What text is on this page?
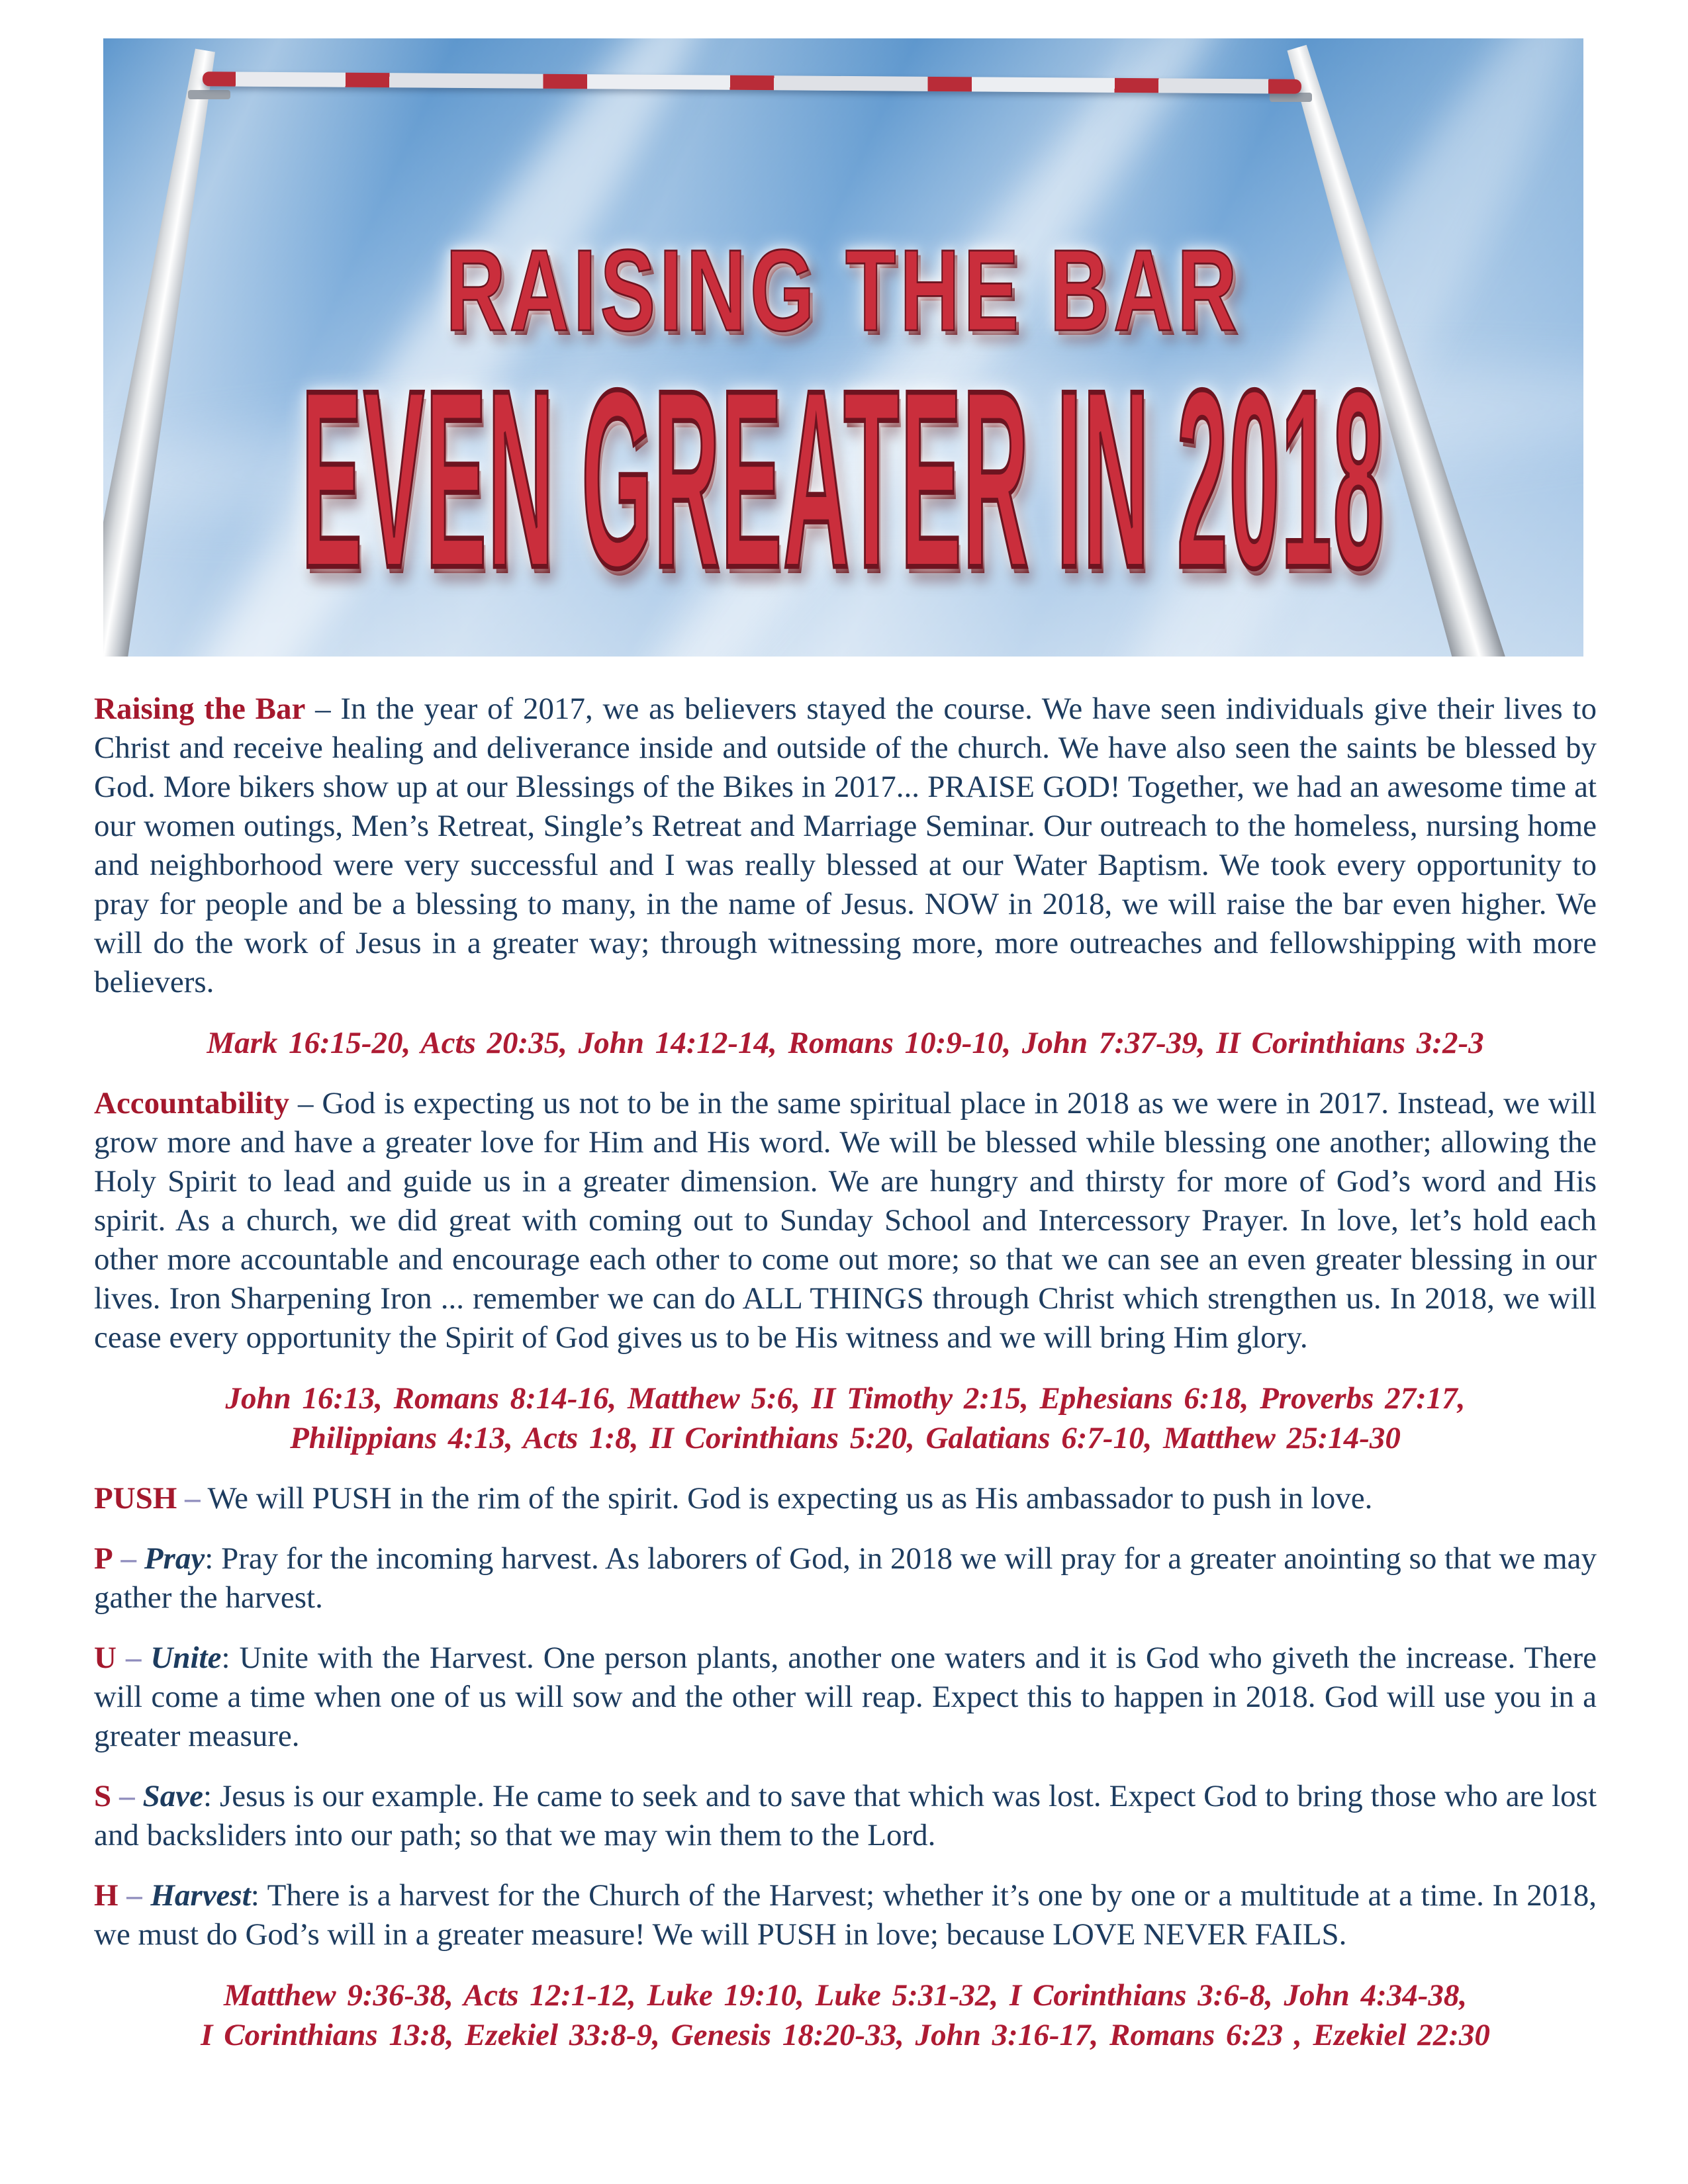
RAISING THE BAR
EVEN GREATER IN 2018

Raising the Bar – In the year of 2017, we as believers stayed the course. We have seen individuals give their lives to Christ and receive healing and deliverance inside and outside of the church. We have also seen the saints be blessed by God. More bikers show up at our Blessings of the Bikes in 2017... PRAISE GOD! Together, we had an awesome time at our women outings, Men’s Retreat, Single’s Retreat and Marriage Seminar. Our outreach to the homeless, nursing home and neighborhood were very successful and I was really blessed at our Water Baptism. We took every opportunity to pray for people and be a blessing to many, in the name of Jesus. NOW in 2018, we will raise the bar even higher. We will do the work of Jesus in a greater way; through witnessing more, more outreaches and fellowshipping with more believers.

Mark 16:15-20, Acts 20:35, John 14:12-14, Romans 10:9-10, John 7:37-39, II Corinthians 3:2-3

Accountability – God is expecting us not to be in the same spiritual place in 2018 as we were in 2017. Instead, we will grow more and have a greater love for Him and His word. We will be blessed while blessing one another; allowing the Holy Spirit to lead and guide us in a greater dimension. We are hungry and thirsty for more of God’s word and His spirit. As a church, we did great with coming out to Sunday School and Intercessory Prayer. In love, let’s hold each other more accountable and encourage each other to come out more; so that we can see an even greater blessing in our lives. Iron Sharpening Iron ... remember we can do ALL THINGS through Christ which strengthen us. In 2018, we will cease every opportunity the Spirit of God gives us to be His witness and we will bring Him glory.

John 16:13, Romans 8:14-16, Matthew 5:6, II Timothy 2:15, Ephesians 6:18, Proverbs 27:17,
Philippians 4:13, Acts 1:8, II Corinthians 5:20, Galatians 6:7-10, Matthew 25:14-30

PUSH – We will PUSH in the rim of the spirit. God is expecting us as His ambassador to push in love.

P – Pray: Pray for the incoming harvest. As laborers of God, in 2018 we will pray for a greater anointing so that we may gather the harvest.

U – Unite: Unite with the Harvest. One person plants, another one waters and it is God who giveth the increase. There will come a time when one of us will sow and the other will reap. Expect this to happen in 2018. God will use you in a greater measure.

S – Save: Jesus is our example. He came to seek and to save that which was lost. Expect God to bring those who are lost and backsliders into our path; so that we may win them to the Lord.

H – Harvest: There is a harvest for the Church of the Harvest; whether it’s one by one or a multitude at a time. In 2018, we must do God’s will in a greater measure! We will PUSH in love; because LOVE NEVER FAILS.

Matthew 9:36-38, Acts 12:1-12, Luke 19:10, Luke 5:31-32, I Corinthians 3:6-8, John 4:34-38,
I Corinthians 13:8, Ezekiel 33:8-9, Genesis 18:20-33, John 3:16-17, Romans 6:23 , Ezekiel 22:30
